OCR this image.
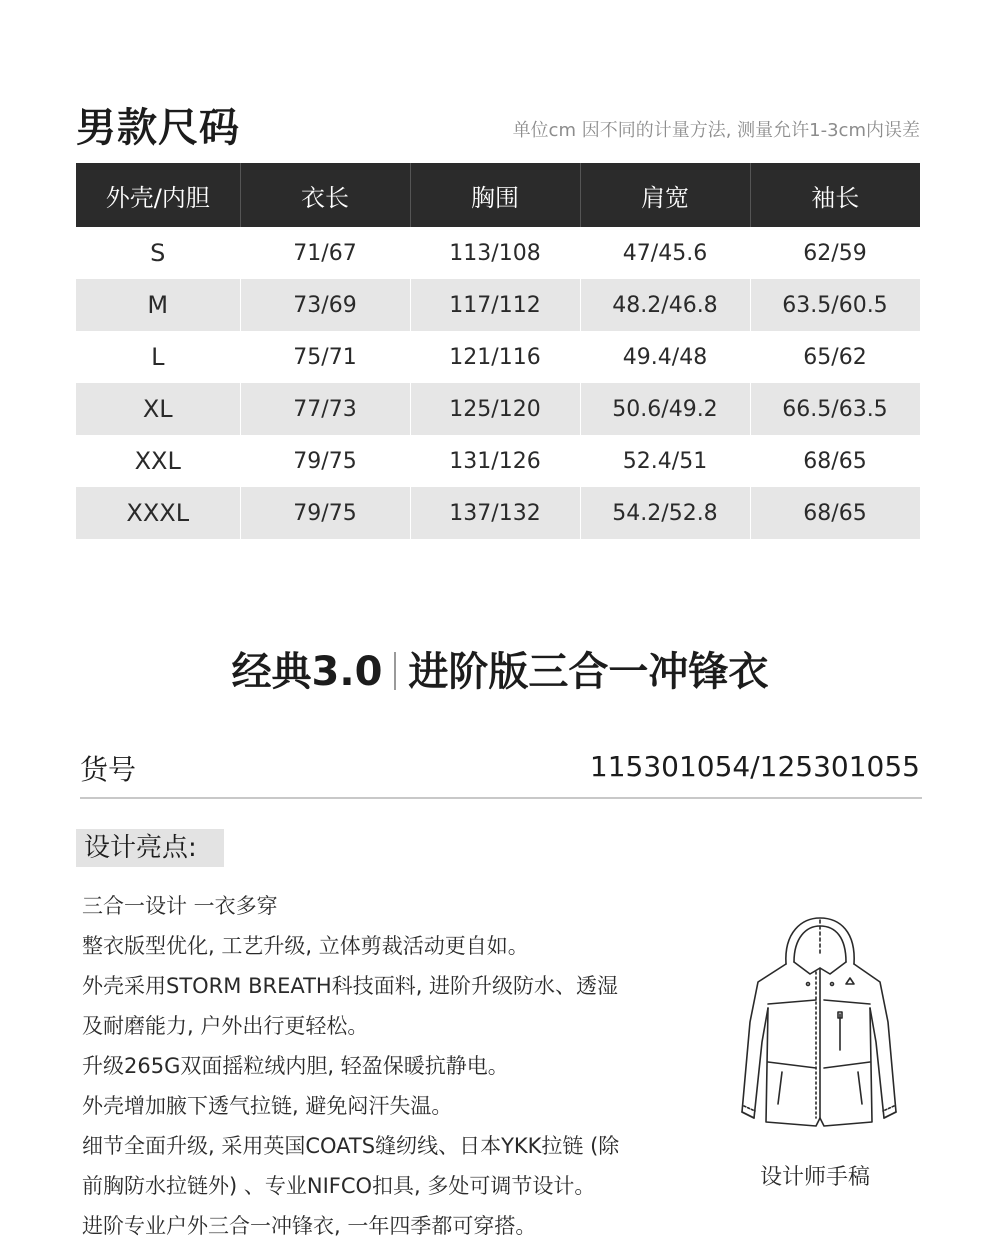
男款尺码	单位cm 因不同的计量方法, 测量允许1-3cm内误差
外壳/内胆	衣长	胸围	肩宽	袖长
S	71/67	113/108	47/45.6	62/59
M	73/69	117/112	48.2/46.8	63.5/60.5
L	75/71	121/116	49.4/48	65/62
XL	77/73	125/120	50.6/49.2	66.5/63.5
XXL	79/75	131/126	52.4/51	68/65
XXXL	79/75	137/132	54.2/52.8	68/65
经典3.0 进阶版三合一冲锋衣
货号	115301054/125301055
设计亮点:
三合一设计 一衣多穿
整衣版型优化, 工艺升级, 立体剪裁活动更自如。
外壳采用STORM BREATH科技面料, 进阶升级防水、透湿
及耐磨能力, 户外出行更轻松。
升级265G双面摇粒绒内胆, 轻盈保暖抗静电。
外壳增加腋下透气拉链, 避免闷汗失温。
细节全面升级, 采用英国COATS缝纫线、日本YKK拉链 (除
前胸防水拉链外) 、专业NIFCO扣具, 多处可调节设计。
进阶专业户外三合一冲锋衣, 一年四季都可穿搭。
设计师手稿
